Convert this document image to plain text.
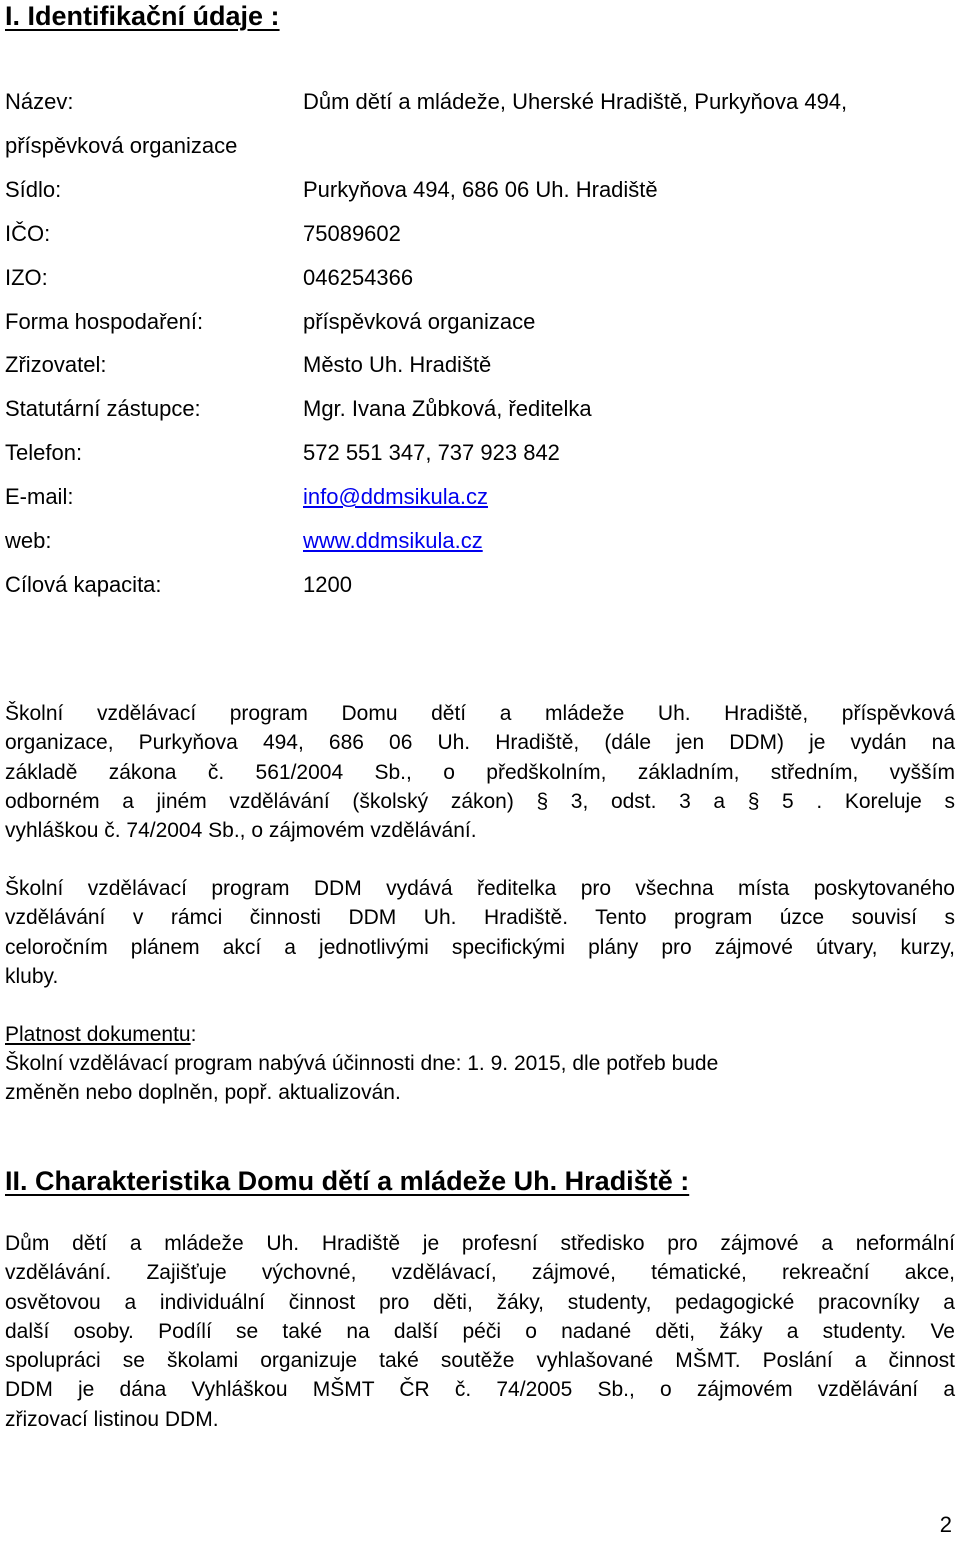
I. Identifikační údaje :
Název:	Dům dětí a mládeže, Uherské Hradiště, Purkyňova 494,
příspěvková organizace
Sídlo:	Purkyňova 494, 686 06 Uh. Hradiště
IČO:	75089602
IZO:	046254366
Forma hospodaření:	příspěvková organizace
Zřizovatel:	Město Uh. Hradiště
Statutární zástupce:	Mgr. Ivana Zůbková, ředitelka
Telefon:	572 551 347, 737 923 842
E-mail:	info@ddmsikula.cz
web:	www.ddmsikula.cz
Cílová kapacita:	1200

Školní vzdělávací program Domu dětí a mládeže Uh. Hradiště, příspěvková
organizace, Purkyňova 494, 686 06 Uh. Hradiště, (dále jen DDM) je vydán na
základě zákona č. 561/2004 Sb., o předškolním, základním, středním, vyšším
odborném a jiném vzdělávání (školský zákon) § 3, odst. 3 a § 5 . Koreluje s
vyhláškou č. 74/2004 Sb., o zájmovém vzdělávání.

Školní vzdělávací program DDM vydává ředitelka pro všechna místa poskytovaného
vzdělávání v rámci činnosti DDM Uh. Hradiště. Tento program úzce souvisí s
celoročním plánem akcí a jednotlivými specifickými plány pro zájmové útvary, kurzy,
kluby.

Platnost dokumentu:
Školní vzdělávací program nabývá účinnosti dne: 1. 9. 2015, dle potřeb bude
změněn nebo doplněn, popř. aktualizován.
II. Charakteristika Domu dětí a mládeže Uh. Hradiště :

Dům dětí a mládeže Uh. Hradiště je profesní středisko pro zájmové a neformální
vzdělávání. Zajišťuje výchovné, vzdělávací, zájmové, tématické, rekreační akce,
osvětovou a individuální činnost pro děti, žáky, studenty, pedagogické pracovníky a
další osoby. Podílí se také na další péči o nadané děti, žáky a studenty. Ve
spolupráci se školami organizuje také soutěže vyhlašované MŠMT. Poslání a činnost
DDM je dána Vyhláškou MŠMT ČR č. 74/2005 Sb., o zájmovém vzdělávání a
zřizovací listinou DDM.

2
